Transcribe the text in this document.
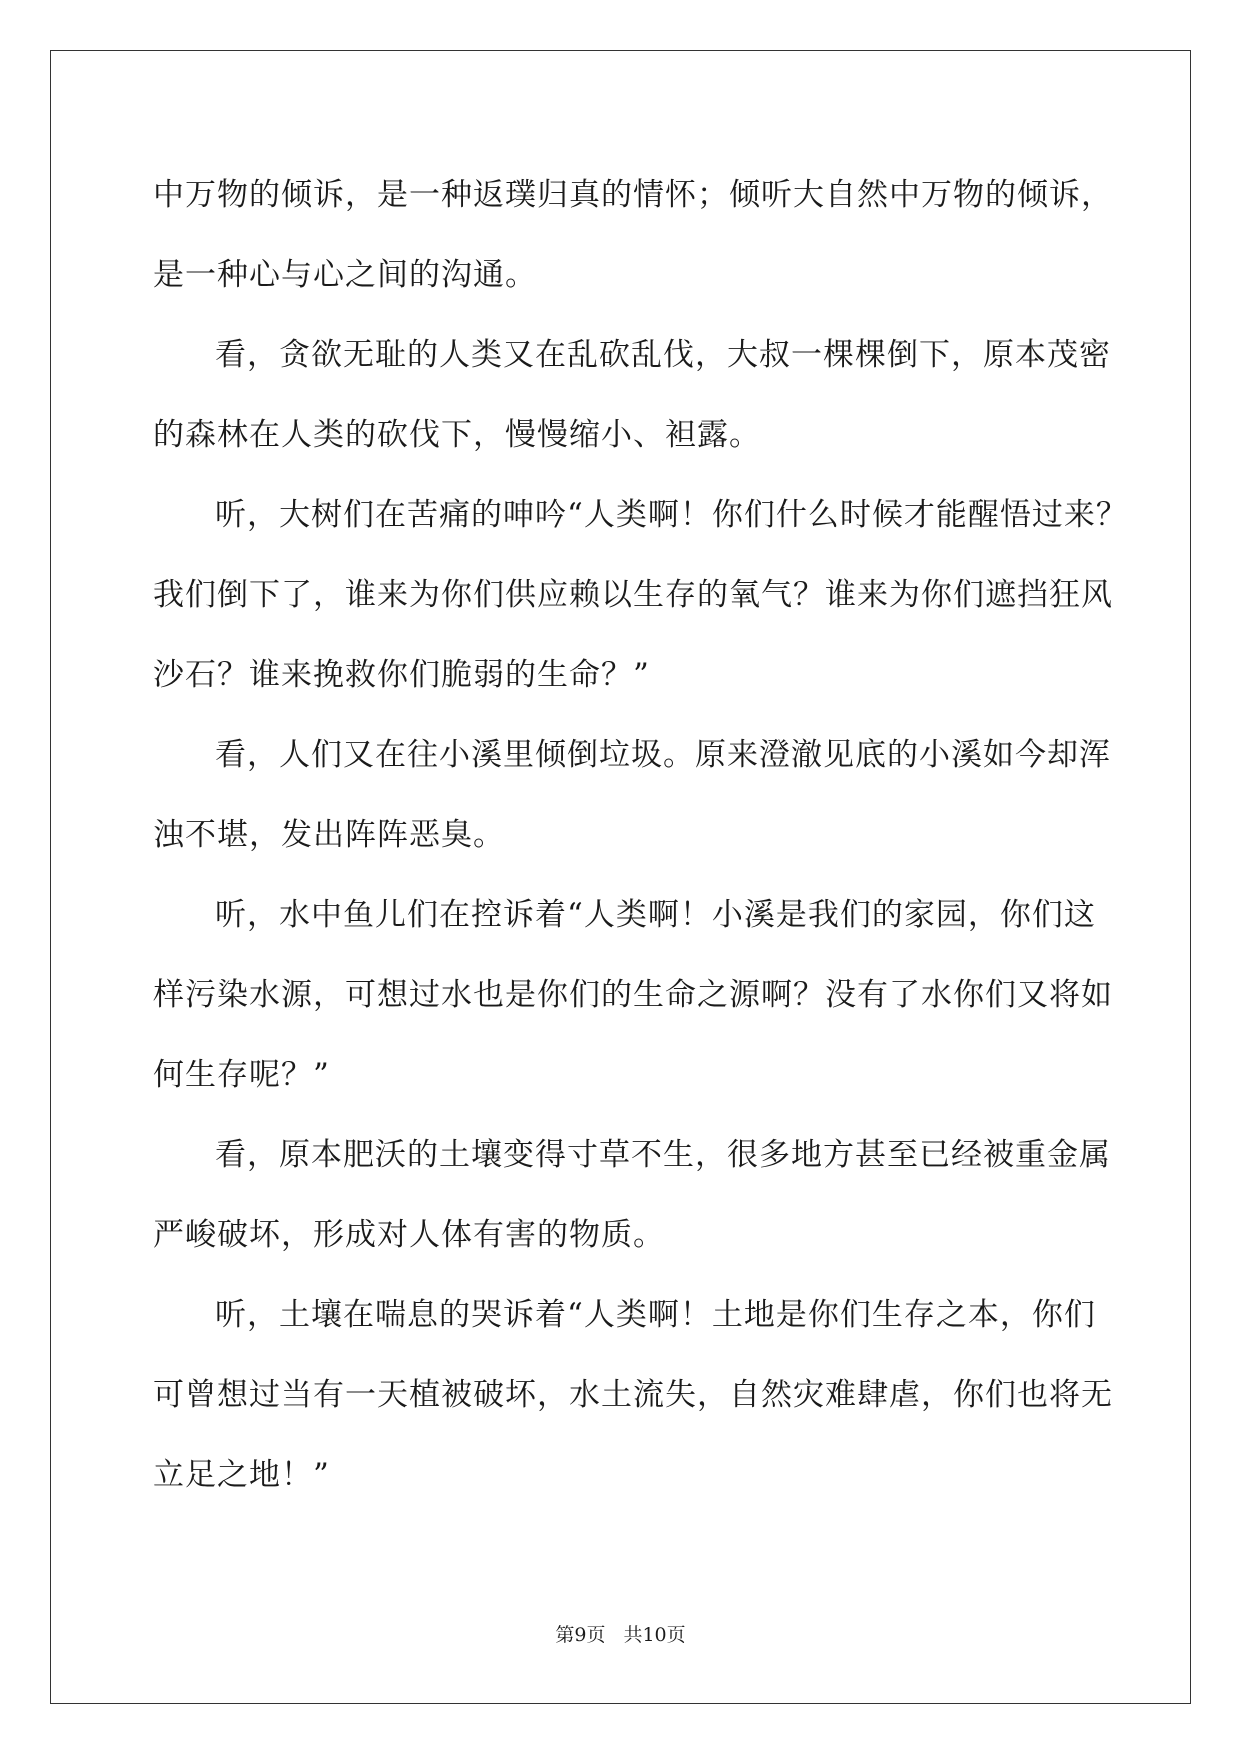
中万物的倾诉，是一种返璞归真的情怀；倾听大自然中万物的倾诉，
是一种心与心之间的沟通。
看，贪欲无耻的人类又在乱砍乱伐，大叔一棵棵倒下，原本茂密
的森林在人类的砍伐下，慢慢缩小、袒露。
听，大树们在苦痛的呻吟“人类啊！你们什么时候才能醒悟过来？
我们倒下了，谁来为你们供应赖以生存的氧气？谁来为你们遮挡狂风
沙石？谁来挽救你们脆弱的生命？”
看，人们又在往小溪里倾倒垃圾。原来澄澈见底的小溪如今却浑
浊不堪，发出阵阵恶臭。
听，水中鱼儿们在控诉着“人类啊！小溪是我们的家园，你们这
样污染水源，可想过水也是你们的生命之源啊？没有了水你们又将如
何生存呢？”
看，原本肥沃的土壤变得寸草不生，很多地方甚至已经被重金属
严峻破坏，形成对人体有害的物质。
听，土壤在喘息的哭诉着“人类啊！土地是你们生存之本，你们
可曾想过当有一天植被破坏，水土流失，自然灾难肆虐，你们也将无
立足之地！”
第9页 共10页
